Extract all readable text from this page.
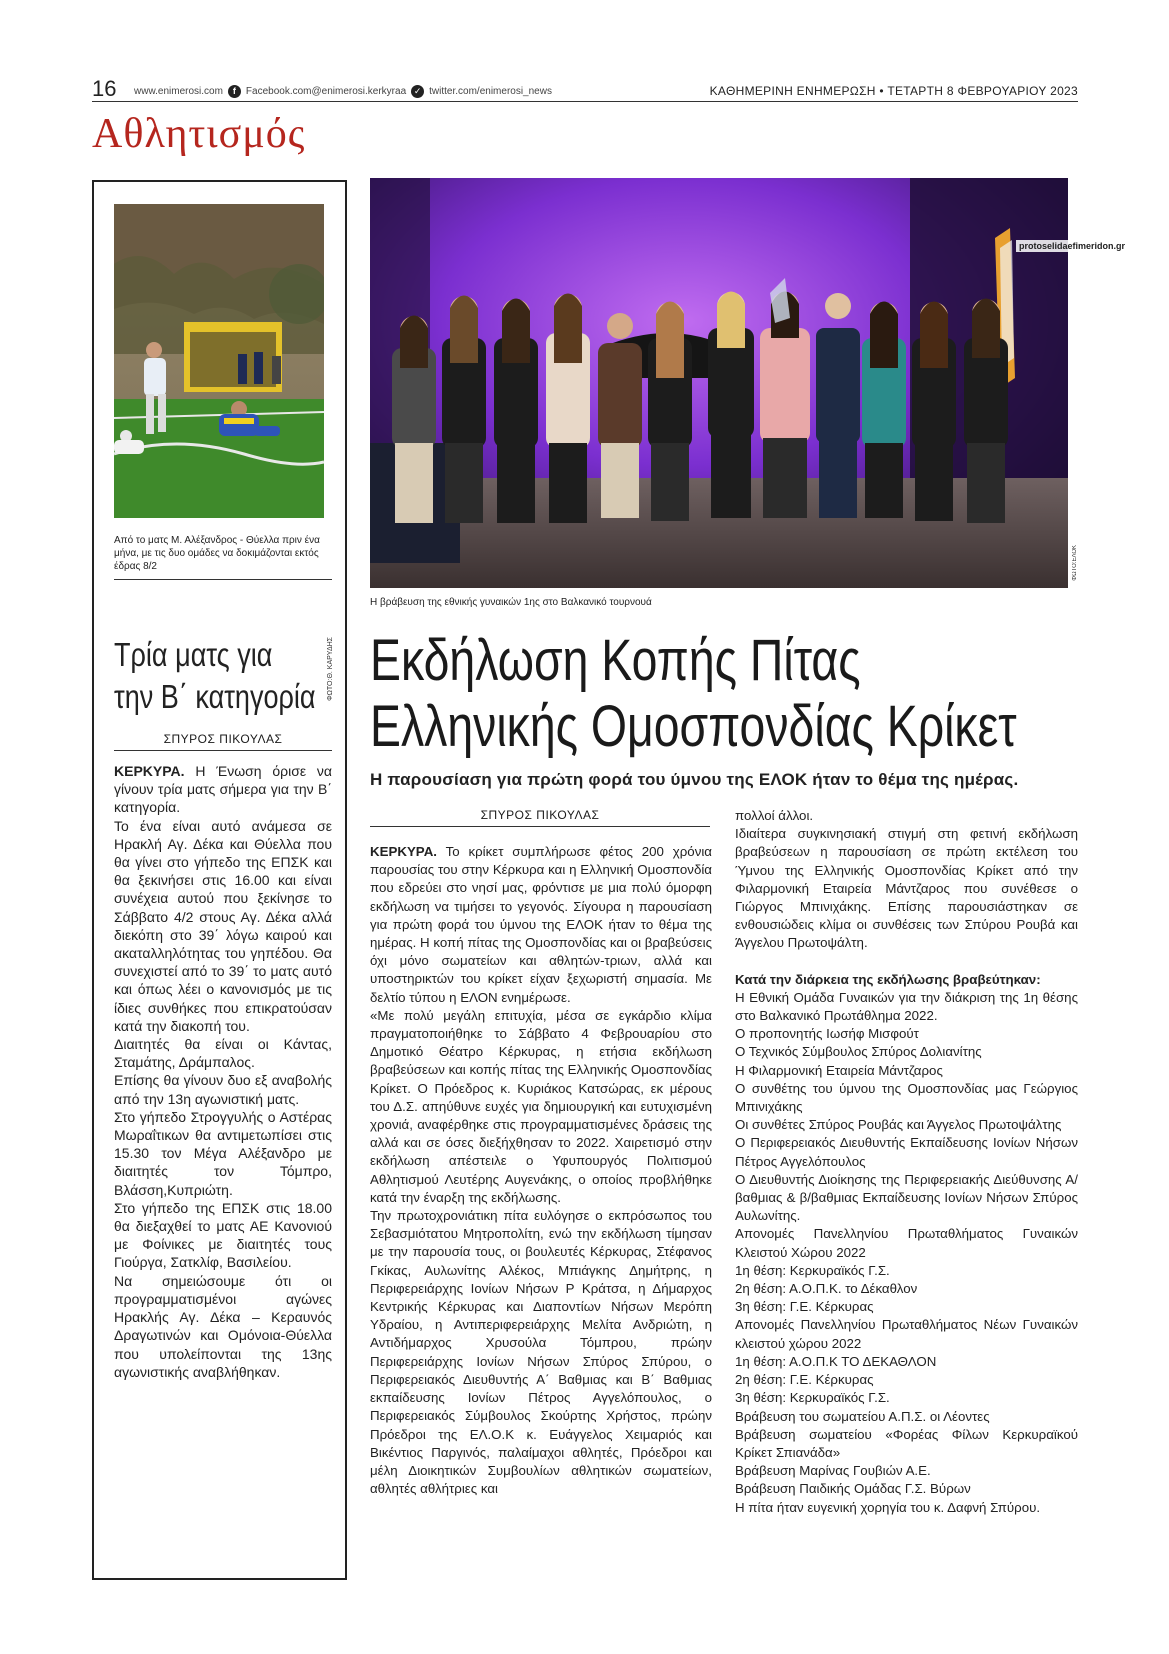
16 www.enimerosi.com	f	Facebook.com@enimerosi.kerkyraa ✓ twitter.com/enimerosi_news	ΚΑΘΗΜΕΡΙΝΗ ΕΝΗΜΕΡΩΣΗ • ΤΕΤΑΡΤΗ 8 ΦΕΒΡΟΥΑΡΙΟΥ 2023
Αθλητισμός
ΦΩΤΟ:Θ. ΚΑΡΥΔΗΣ
Από το ματς Μ. Αλέξανδρος - Θύελλα πριν ένα μήνα, με τις δυο ομάδες να δοκιμάζονται εκτός έδρας 8/2
Τρία ματς για
την Β΄ κατηγορία
ΣΠΥΡΟΣ ΠΙΚΟΥΛΑΣ

ΚΕΡΚΥΡΑ. Η Ένωση όρισε να γίνουν τρία ματς σήμερα για την Β΄ κατηγορία.

Το ένα είναι αυτό ανάμεσα σε Ηρακλή Αγ. Δέκα και Θύελλα που θα γίνει στο γήπεδο της ΕΠΣΚ και θα ξεκινήσει στις 16.00 και είναι συνέχεια αυτού που ξεκίνησε το Σάββατο 4/2 στους Αγ. Δέκα αλλά διεκόπη στο 39΄ λόγω καιρού και ακαταλληλότητας του γηπέδου. Θα συνεχιστεί από το 39΄ το ματς αυτό και όπως λέει ο κανονισμός με τις ίδιες συνθήκες που επικρατούσαν κατά την διακοπή του.

Διαιτητές θα είναι οι Κάντας, Σταμάτης, Δράμπαλος.

Επίσης θα γίνουν δυο εξ αναβολής από την 13η αγωνιστική ματς.

Στο γήπεδο Στρογγυλής ο Αστέρας Μωραΐτικων θα αντιμετωπίσει στις 15.30 τον Μέγα Αλέξανδρο με διαιτητές τον Τόμπρο, Βλάσση,Κυπριώτη.

Στο γήπεδο της ΕΠΣΚ στις 18.00 θα διεξαχθεί το ματς ΑΕ Κανονιού με Φοίνικες με διαιτητές τους Γιούργα, Σατκλίφ, Βασιλείου.

Να σημειώσουμε ότι οι προγραμματισμένοι αγώνες Ηρακλής Αγ. Δέκα – Κεραυνός Δραγωτινών και Ομόνοια-Θύελλα που υπολείπονται της 13ης αγωνιστικής αναβλήθηκαν.

protoselidaefimeridon.gr
ΦΩΤΟ:ΕΛΟΚ
Η βράβευση της εθνικής γυναικών 1ης στο Βαλκανικό τουρνουά
Εκδήλωση Κοπής Πίτας
Ελληνικής Ομοσπονδίας Κρίκετ
Η παρουσίαση για πρώτη φορά του ύμνου της ΕΛΟΚ ήταν το θέμα της ημέρας.
ΣΠΥΡΟΣ ΠΙΚΟΥΛΑΣ

ΚΕΡΚΥΡΑ. Το κρίκετ συμπλήρωσε φέτος 200 χρόνια παρουσίας του στην Κέρκυρα και η Ελληνική Ομοσπονδία που εδρεύει στο νησί μας, φρόντισε με μια πολύ όμορφη εκδήλωση να τιμήσει το γεγονός. Σίγουρα η παρουσίαση για πρώτη φορά του ύμνου της ΕΛΟΚ ήταν το θέμα της ημέρας. Η κοπή πίτας της Ομοσπονδίας και οι βραβεύσεις όχι μόνο σωματείων και αθλητών-τριων, αλλά και υποστηρικτών του κρίκετ είχαν ξεχωριστή σημασία. Με δελτίο τύπου η ΕΛΟΝ ενημέρωσε.

«Με πολύ μεγάλη επιτυχία, μέσα σε εγκάρδιο κλίμα πραγματοποιήθηκε το Σάββατο 4 Φεβρουαρίου στο Δημοτικό Θέατρο Κέρκυρας, η ετήσια εκδήλωση βραβεύσεων και κοπής πίτας της Ελληνικής Ομοσπονδίας Κρίκετ. Ο Πρόεδρος κ. Κυριάκος Κατσώρας, εκ μέρους του Δ.Σ. απηύθυνε ευχές για δημιουργική και ευτυχισμένη χρονιά, αναφέρθηκε στις προγραμματισμένες δράσεις της αλλά και σε όσες διεξήχθησαν το 2022. Χαιρετισμό στην εκδήλωση απέστειλε ο Υφυπουργός Πολιτισμού Αθλητισμού Λευτέρης Αυγενάκης, ο οποίος προβλήθηκε κατά την έναρξη της εκδήλωσης.

Την πρωτοχρονιάτικη πίτα ευλόγησε ο εκπρόσωπος του Σεβασμιότατου Μητροπολίτη, ενώ την εκδήλωση τίμησαν με την παρουσία τους, οι βουλευτές Κέρκυρας, Στέφανος Γκίκας, Αυλωνίτης Αλέκος, Μπιάγκης Δημήτρης, η Περιφερειάρχης Ιονίων Νήσων Ρ Κράτσα, η Δήμαρχος Κεντρικής Κέρκυρας και Διαποντίων Νήσων Μερόπη Υδραίου, η Αντιπεριφερειάρχης Μελίτα Ανδριώτη, η Αντιδήμαρχος Χρυσούλα Τόμπρου, πρώην Περιφερειάρχης Ιονίων Νήσων Σπύρος Σπύρου, ο Περιφερειακός Διευθυντής Α΄ Βαθμιας και Β΄ Βαθμιας εκπαίδευσης Ιονίων Πέτρος Αγγελόπουλος, ο Περιφερειακός Σύμβουλος Σκούρτης Χρήστος, πρώην Πρόεδροι της ΕΛ.Ο.Κ κ. Ευάγγελος Χειμαριός και Βικέντιος Παργινός, παλαίμαχοι αθλητές, Πρόεδροι και μέλη Διοικητικών Συμβουλίων αθλητικών σωματείων, αθλητές αθλήτριες και

πολλοί άλλοι.

Ιδιαίτερα συγκινησιακή στιγμή στη φετινή εκδήλωση βραβεύσεων η παρουσίαση σε πρώτη εκτέλεση του Ύμνου της Ελληνικής Ομοσπονδίας Κρίκετ από την Φιλαρμονική Εταιρεία Μάντζαρος που συνέθεσε ο Γιώργος Μπινιχάκης. Επίσης παρουσιάστηκαν σε ενθουσιώδεις κλίμα οι συνθέσεις των Σπύρου Ρουβά και Άγγελου Πρωτοψάλτη.

Κατά την διάρκεια της εκδήλωσης βραβεύτηκαν:

Η Εθνική Ομάδα Γυναικών για την διάκριση της 1η θέσης στο Βαλκανικό Πρωτάθλημα 2022.

Ο προπονητής Ιωσήφ Μισφούτ

Ο Τεχνικός Σύμβουλος Σπύρος Δολιανίτης

Η Φιλαρμονική Εταιρεία Μάντζαρος

Ο συνθέτης του ύμνου της Ομοσπονδίας μας Γεώργιος Μπινιχάκης

Οι συνθέτες Σπύρος Ρουβάς και Άγγελος Πρωτοψάλτης

Ο Περιφερειακός Διευθυντής Εκπαίδευσης Ιονίων Νήσων Πέτρος Αγγελόπουλος

Ο Διευθυντής Διοίκησης της Περιφερειακής Διεύθυνσης Α/βαθμιας & β/βαθμιας Εκπαίδευσης Ιονίων Νήσων Σπύρος Αυλωνίτης.

Απονομές Πανελληνίου Πρωταθλήματος Γυναικών Κλειστού Χώρου 2022

1η θέση: Κερκυραϊκός Γ.Σ.

2η θέση: Α.Ο.Π.Κ. το Δέκαθλον

3η θέση: Γ.Ε. Κέρκυρας

Απονομές Πανελληνίου Πρωταθλήματος Νέων Γυναικών κλειστού χώρου 2022

1η θέση: Α.Ο.Π.Κ ΤΟ ΔΕΚΑΘΛΟΝ

2η θέση: Γ.Ε. Κέρκυρας

3η θέση: Κερκυραϊκός Γ.Σ.

Βράβευση του σωματείου Α.Π.Σ. οι Λέοντες

Βράβευση σωματείου «Φορέας Φίλων Κερκυραϊκού Κρίκετ Σπιανάδα»

Βράβευση Μαρίνας Γουβιών Α.Ε.

Βράβευση Παιδικής Ομάδας Γ.Σ. Βύρων

Η πίτα ήταν ευγενική χορηγία του κ. Δαφνή Σπύρου.
